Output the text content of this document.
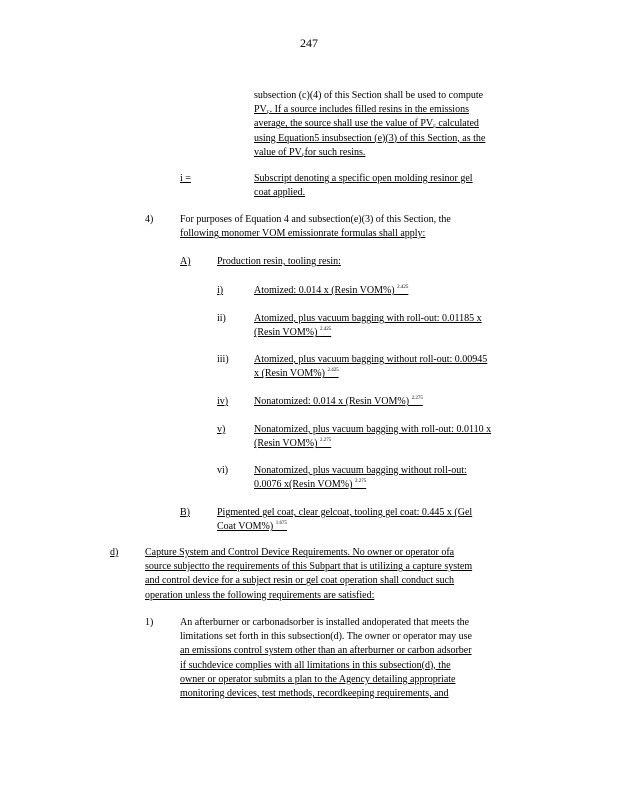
247

subsection (c)(4) of this Section shall be used to compute

$PV_F$. If a source includes filled resins in the emissions

average, the source shall use the value of $PV_F$ calculated

using Equation5 insubsection (e)(3) of this Section, as the

value of $PV_Ffor$ such resins.

i =	Subscript denoting a specific open molding resinor gel

coat applied.

4)	For purposes of Equation 4 and subsection(e)(3) of this Section, the

following monomer VOM emissionrate formulas shall apply:

A)	Production resin, tooling resin:
i)	Atomized: 0.014 x (Resin VOM%) $^{2.425}$

ii)	Atomized, plus vacuum bagging with roll-out: 0.01185 x

(Resin VOM%) $^{2.425}$

iii)	Atomized, plus vacuum bagging without roll-out: 0.00945

x (Resin VOM%) $^{2.425}$

iv)	Nonatomized: 0.014 x (Resin VOM%) $^{2.275}$

v)	Nonatomized, plus vacuum bagging with roll-out: 0.0110 x

(Resin VOM%) $^{2.275}$

vi)	Nonatomized, plus vacuum bagging without roll-out:

0.0076 x(Resin VOM%) $^{2.275}$

B)	Pigmented gel coat, clear gelcoat, tooling gel coat: 0.445 x (Gel

Coat VOM%) $^{1.675}$

d)	Capture System and Control Device Requirements. No owner or operator ofa

source subjectto the requirements of this Subpart that is utilizing a capture system

and control device for a subject resin or gel coat operation shall conduct such

operation unless the following requirements are satisfied:

1)	An afterburner or carbonadsorber is installed andoperated that meets the

limitations set forth in this subsection(d). The owner or operator may use

an emissions control system other than an afterburner or carbon adsorber

if suchdevice complies with all limitations in this subsection(d), the

owner or operator submits a plan to the Agency detailing appropriate

monitoring devices, test methods, recordkeeping requirements, and
